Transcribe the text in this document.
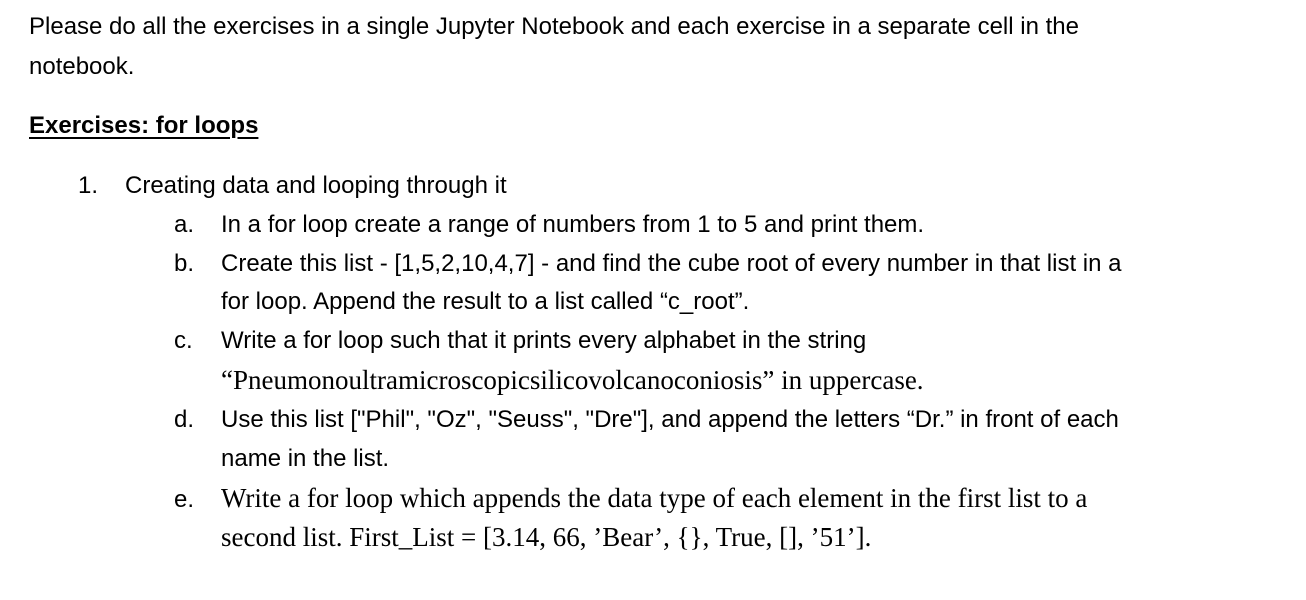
Please do all the exercises in a single Jupyter Notebook and each exercise in a separate cell in the
notebook.
Exercises: for loops
1. Creating data and looping through it
a. In a for loop create a range of numbers from 1 to 5 and print them.
b. Create this list - [1,5,2,10,4,7] - and find the cube root of every number in that list in a
for loop. Append the result to a list called “c_root”.
c. Write a for loop such that it prints every alphabet in the string
“Pneumonoultramicroscopicsilicovolcanoconiosis” in uppercase.
d. Use this list ["Phil", "Oz", "Seuss", "Dre"], and append the letters “Dr.” in front of each
name in the list.
e. Write a for loop which appends the data type of each element in the first list to a
second list. First_List = [3.14, 66, ’Bear’, {}, True, [], ’51’].
